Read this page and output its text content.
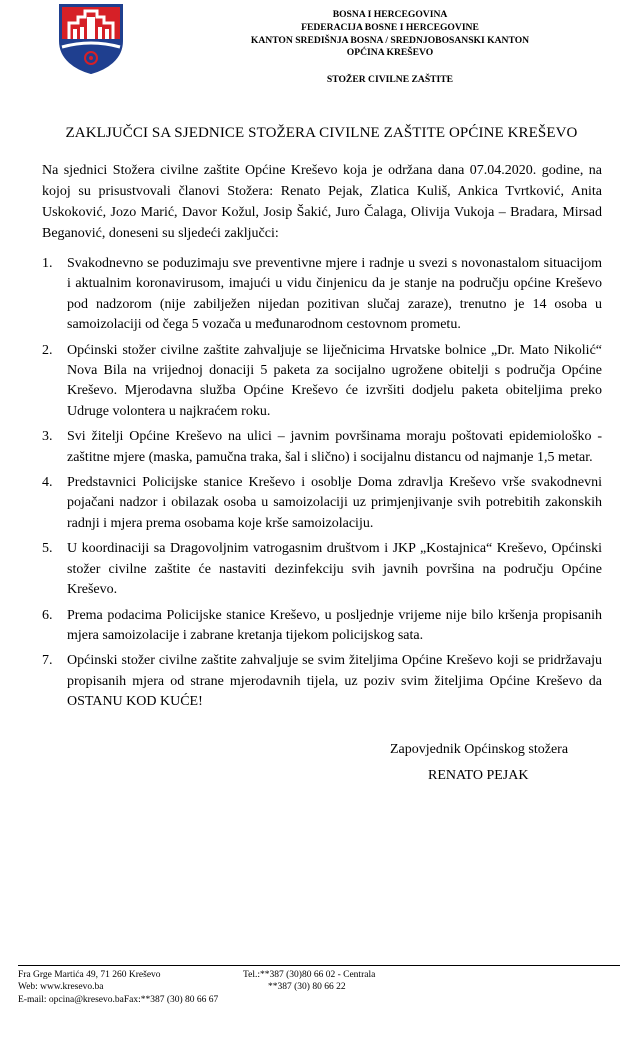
BOSNA I HERCEGOVINA
FEDERACIJA BOSNE I HERCEGOVINE
KANTON SREDIŠNJA BOSNA / SREDNJOBOSANSKI KANTON
OPĆINA KREŠEVO
STOŽER CIVILNE ZAŠTITE
ZAKLJUČCI SA SJEDNICE STOŽERA CIVILNE ZAŠTITE OPĆINE KREŠEVO
Na sjednici Stožera civilne zaštite Općine Kreševo koja je održana dana 07.04.2020. godine, na kojoj su prisustvovali članovi Stožera: Renato Pejak, Zlatica Kuliš, Ankica Tvrtković, Anita Uskoković, Jozo Marić, Davor Kožul, Josip Šakić, Juro Čalaga, Olivija Vukoja – Bradara, Mirsad Beganović, doneseni su sljedeći zaključci:
1. Svakodnevno se poduzimaju sve preventivne mjere i radnje u svezi s novonastalom situacijom i aktualnim koronavirusom, imajući u vidu činjenicu da je stanje na području općine Kreševo pod nadzorom (nije zabilježen nijedan pozitivan slučaj zaraze), trenutno je 14 osoba u samoizolaciji od čega 5 vozača u međunarodnom cestovnom prometu.
2. Općinski stožer civilne zaštite zahvaljuje se liječnicima Hrvatske bolnice „Dr. Mato Nikolić“ Nova Bila na vrijednoj donaciji 5 paketa za socijalno ugrožene obitelji s područja Općine Kreševo. Mjerodavna služba Općine Kreševo će izvršiti dodjelu paketa obiteljima preko Udruge volontera u najkraćem roku.
3. Svi žitelji Općine Kreševo na ulici – javnim površinama moraju poštovati epidemiološko - zaštitne mjere (maska, pamučna traka, šal i slično) i socijalnu distancu od najmanje 1,5 metar.
4. Predstavnici Policijske stanice Kreševo i osoblje Doma zdravlja Kreševo vrše svakodnevni pojačani nadzor i obilazak osoba u samoizolaciji uz primjenjivanje svih potrebitih zakonskih radnji i mjera prema osobama koje krše samoizolaciju.
5. U koordinaciji sa Dragovoljnim vatrogasnim društvom i JKP „Kostajnica“ Kreševo, Općinski stožer civilne zaštite će nastaviti dezinfekciju svih javnih površina na području Općine Kreševo.
6. Prema podacima Policijske stanice Kreševo, u posljednje vrijeme nije bilo kršenja propisanih mjera samoizolacije i zabrane kretanja tijekom policijskog sata.
7. Općinski stožer civilne zaštite zahvaljuje se svim žiteljima Općine Kreševo koji se pridržavaju propisanih mjera od strane mjerodavnih tijela, uz poziv svim žiteljima Općine Kreševo da OSTANU KOD KUĆE!
Zapovjednik Općinskog stožera
RENATO PEJAK
Fra Grge Martića 49, 71 260 Kreševo	Tel.:**387 (30)80 66 02 - Centrala
Web: www.kresevo.ba	**387 (30) 80 66 22
E-mail: opcina@kresevo.baFax:**387 (30) 80 66 67
